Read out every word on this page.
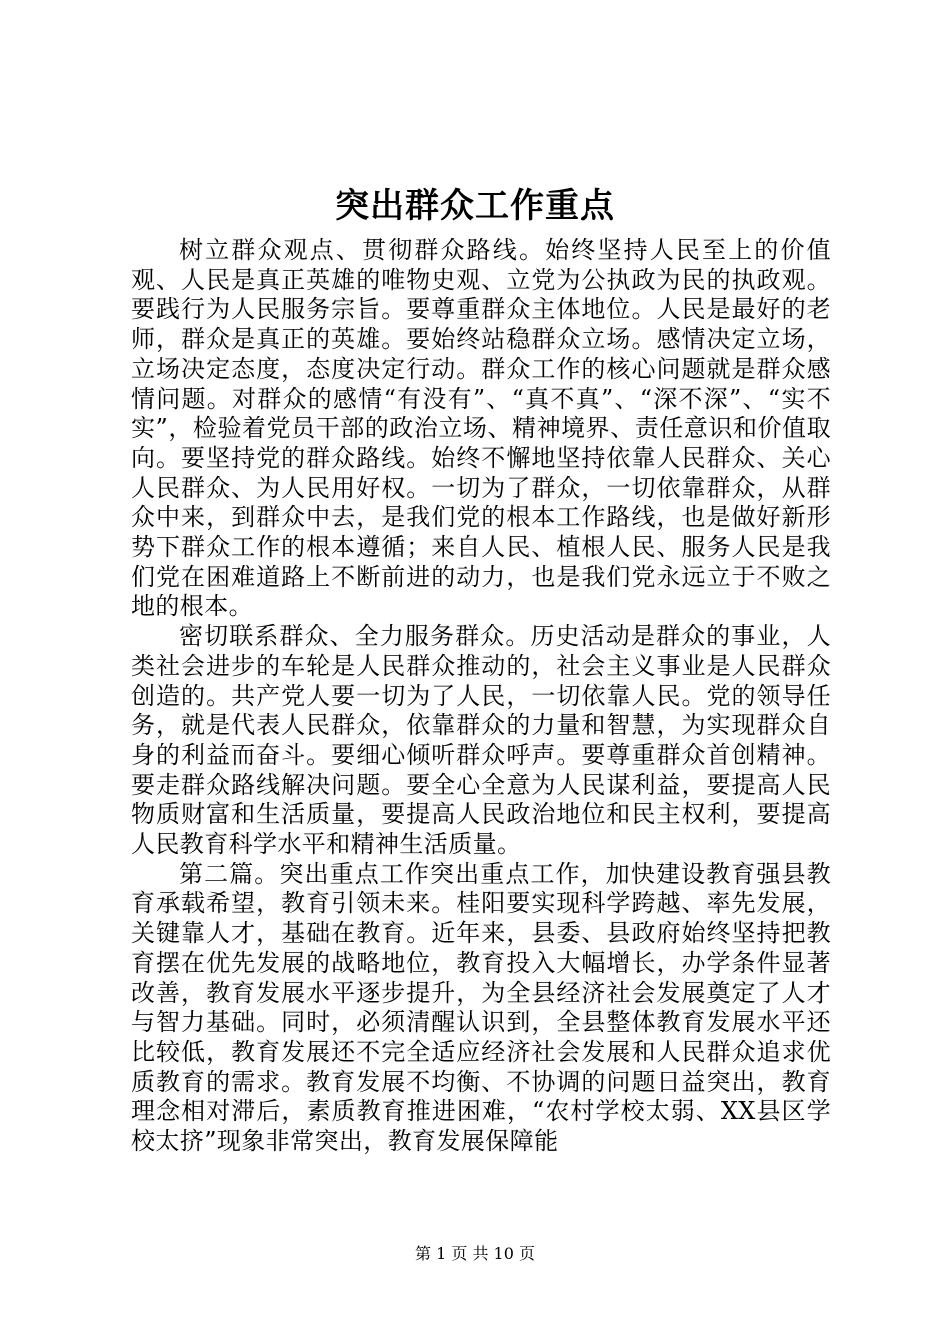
突出群众工作重点

树立群众观点、贯彻群众路线。始终坚持人民至上的价值观、人民是真正英雄的唯物史观、立党为公执政为民的执政观。要践行为人民服务宗旨。要尊重群众主体地位。人民是最好的老师，群众是真正的英雄。要始终站稳群众立场。感情决定立场，立场决定态度，态度决定行动。群众工作的核心问题就是群众感情问题。对群众的感情“有没有”、“真不真”、“深不深”、“实不实”，检验着党员干部的政治立场、精神境界、责任意识和价值取向。要坚持党的群众路线。始终不懈地坚持依靠人民群众、关心人民群众、为人民用好权。一切为了群众，一切依靠群众，从群众中来，到群众中去，是我们党的根本工作路线，也是做好新形势下群众工作的根本遵循；来自人民、植根人民、服务人民是我们党在困难道路上不断前进的动力，也是我们党永远立于不败之地的根本。

密切联系群众、全力服务群众。历史活动是群众的事业，人类社会进步的车轮是人民群众推动的，社会主义事业是人民群众创造的。共产党人要一切为了人民，一切依靠人民。党的领导任务，就是代表人民群众，依靠群众的力量和智慧，为实现群众自身的利益而奋斗。要细心倾听群众呼声。要尊重群众首创精神。要走群众路线解决问题。要全心全意为人民谋利益，要提高人民物质财富和生活质量，要提高人民政治地位和民主权利，要提高人民教育科学水平和精神生活质量。

第二篇。突出重点工作突出重点工作，加快建设教育强县教育承载希望，教育引领未来。桂阳要实现科学跨越、率先发展，关键靠人才，基础在教育。近年来，县委、县政府始终坚持把教育摆在优先发展的战略地位，教育投入大幅增长，办学条件显著改善，教育发展水平逐步提升，为全县经济社会发展奠定了人才与智力基础。同时，必须清醒认识到，全县整体教育发展水平还比较低，教育发展还不完全适应经济社会发展和人民群众追求优质教育的需求。教育发展不均衡、不协调的问题日益突出，教育理念相对滞后，素质教育推进困难，“农村学校太弱、XX县区学校太挤”现象非常突出，教育发展保障能

第 1 页 共 10 页
